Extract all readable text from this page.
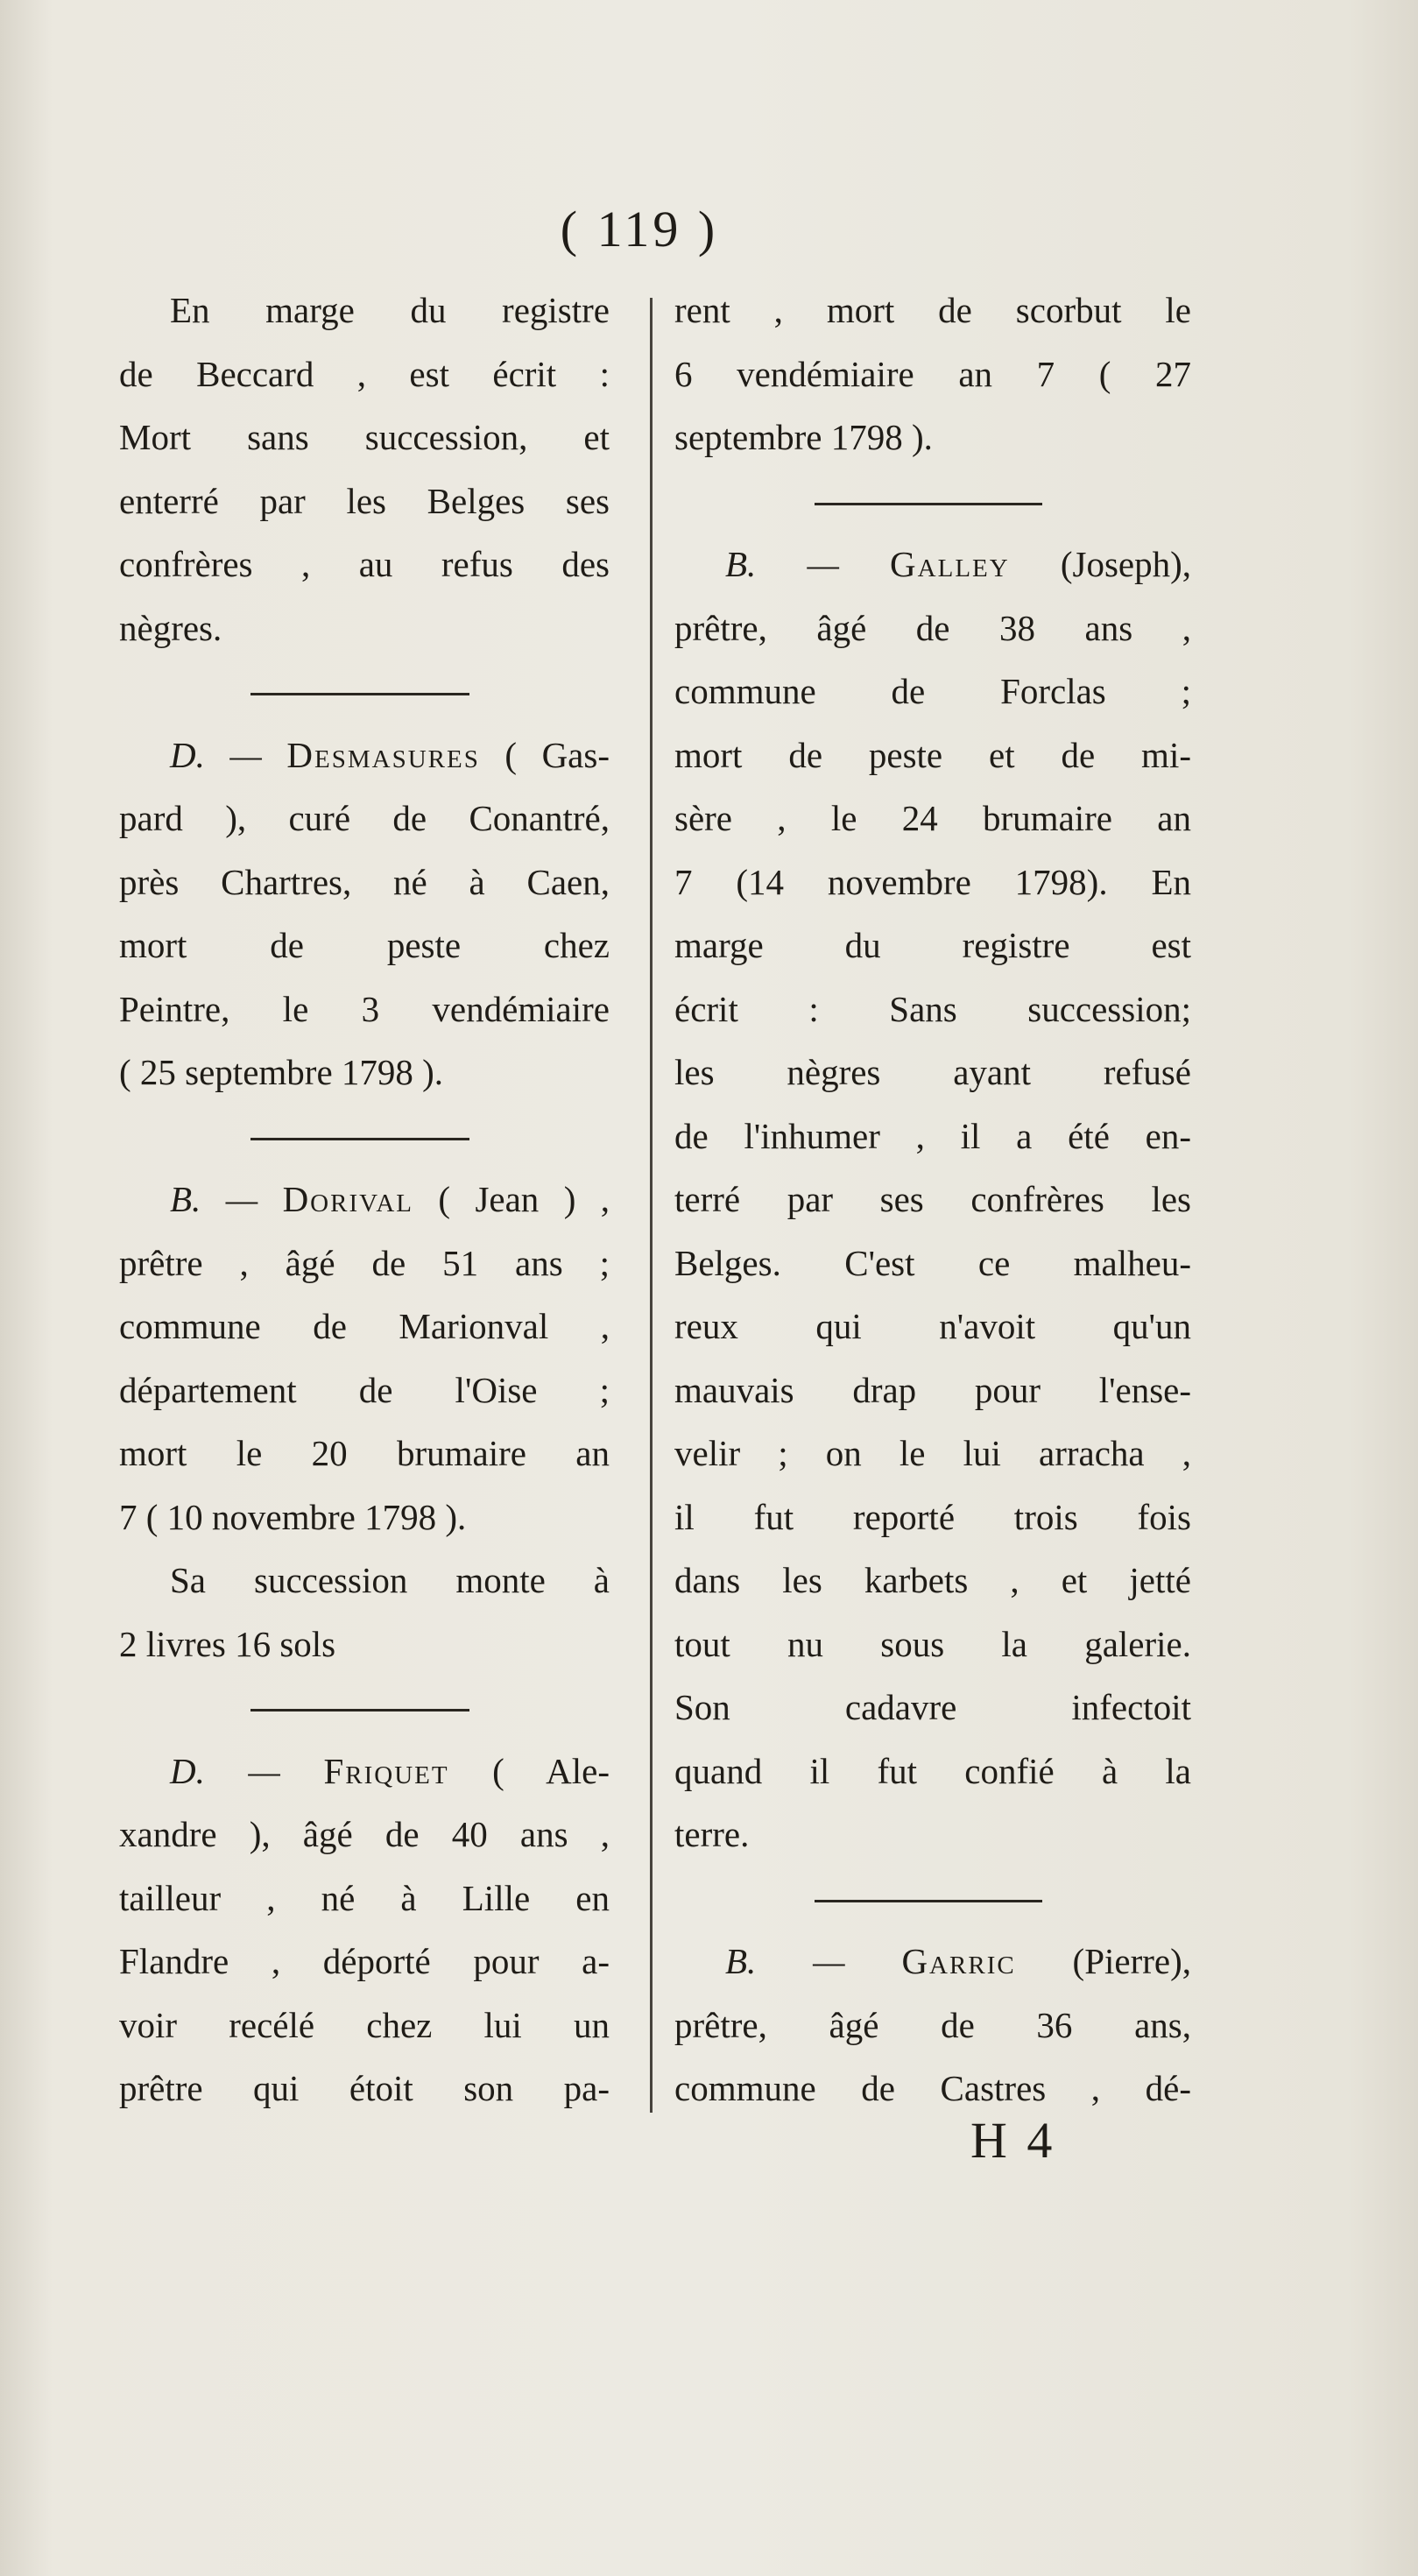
( 119 )
En marge du registre
de Beccard , est écrit :
Mort sans succession, et
enterré par les Belges ses
confrères , au refus des
nègres.
D. — Desmasures ( Gas-
pard ), curé de Conantré,
près Chartres, né à Caen,
mort de peste chez
Peintre, le 3 vendémiaire
( 25 septembre 1798 ).
B. — Dorival ( Jean ) ,
prêtre , âgé de 51 ans ;
commune de Marionval ,
département de l'Oise ;
mort le 20 brumaire an
7 ( 10 novembre 1798 ).
Sa succession monte à
2 livres 16 sols
D. — Friquet ( Ale-
xandre ), âgé de 40 ans ,
tailleur , né à Lille en
Flandre , déporté pour a-
voir recélé chez lui un
prêtre qui étoit son pa-
rent , mort de scorbut le
6 vendémiaire an 7 ( 27
septembre 1798 ).
B. — Galley (Joseph),
prêtre, âgé de 38 ans ,
commune de Forclas ;
mort de peste et de mi-
sère , le 24 brumaire an
7 (14 novembre 1798). En
marge du registre est
écrit : Sans succession;
les nègres ayant refusé
de l'inhumer , il a été en-
terré par ses confrères les
Belges. C'est ce malheu-
reux qui n'avoit qu'un
mauvais drap pour l'ense-
velir ; on le lui arracha ,
il fut reporté trois fois
dans les karbets , et jetté
tout nu sous la galerie.
Son cadavre infectoit
quand il fut confié à la
terre.
B. — Garric (Pierre),
prêtre, âgé de 36 ans,
commune de Castres , dé-
H 4
